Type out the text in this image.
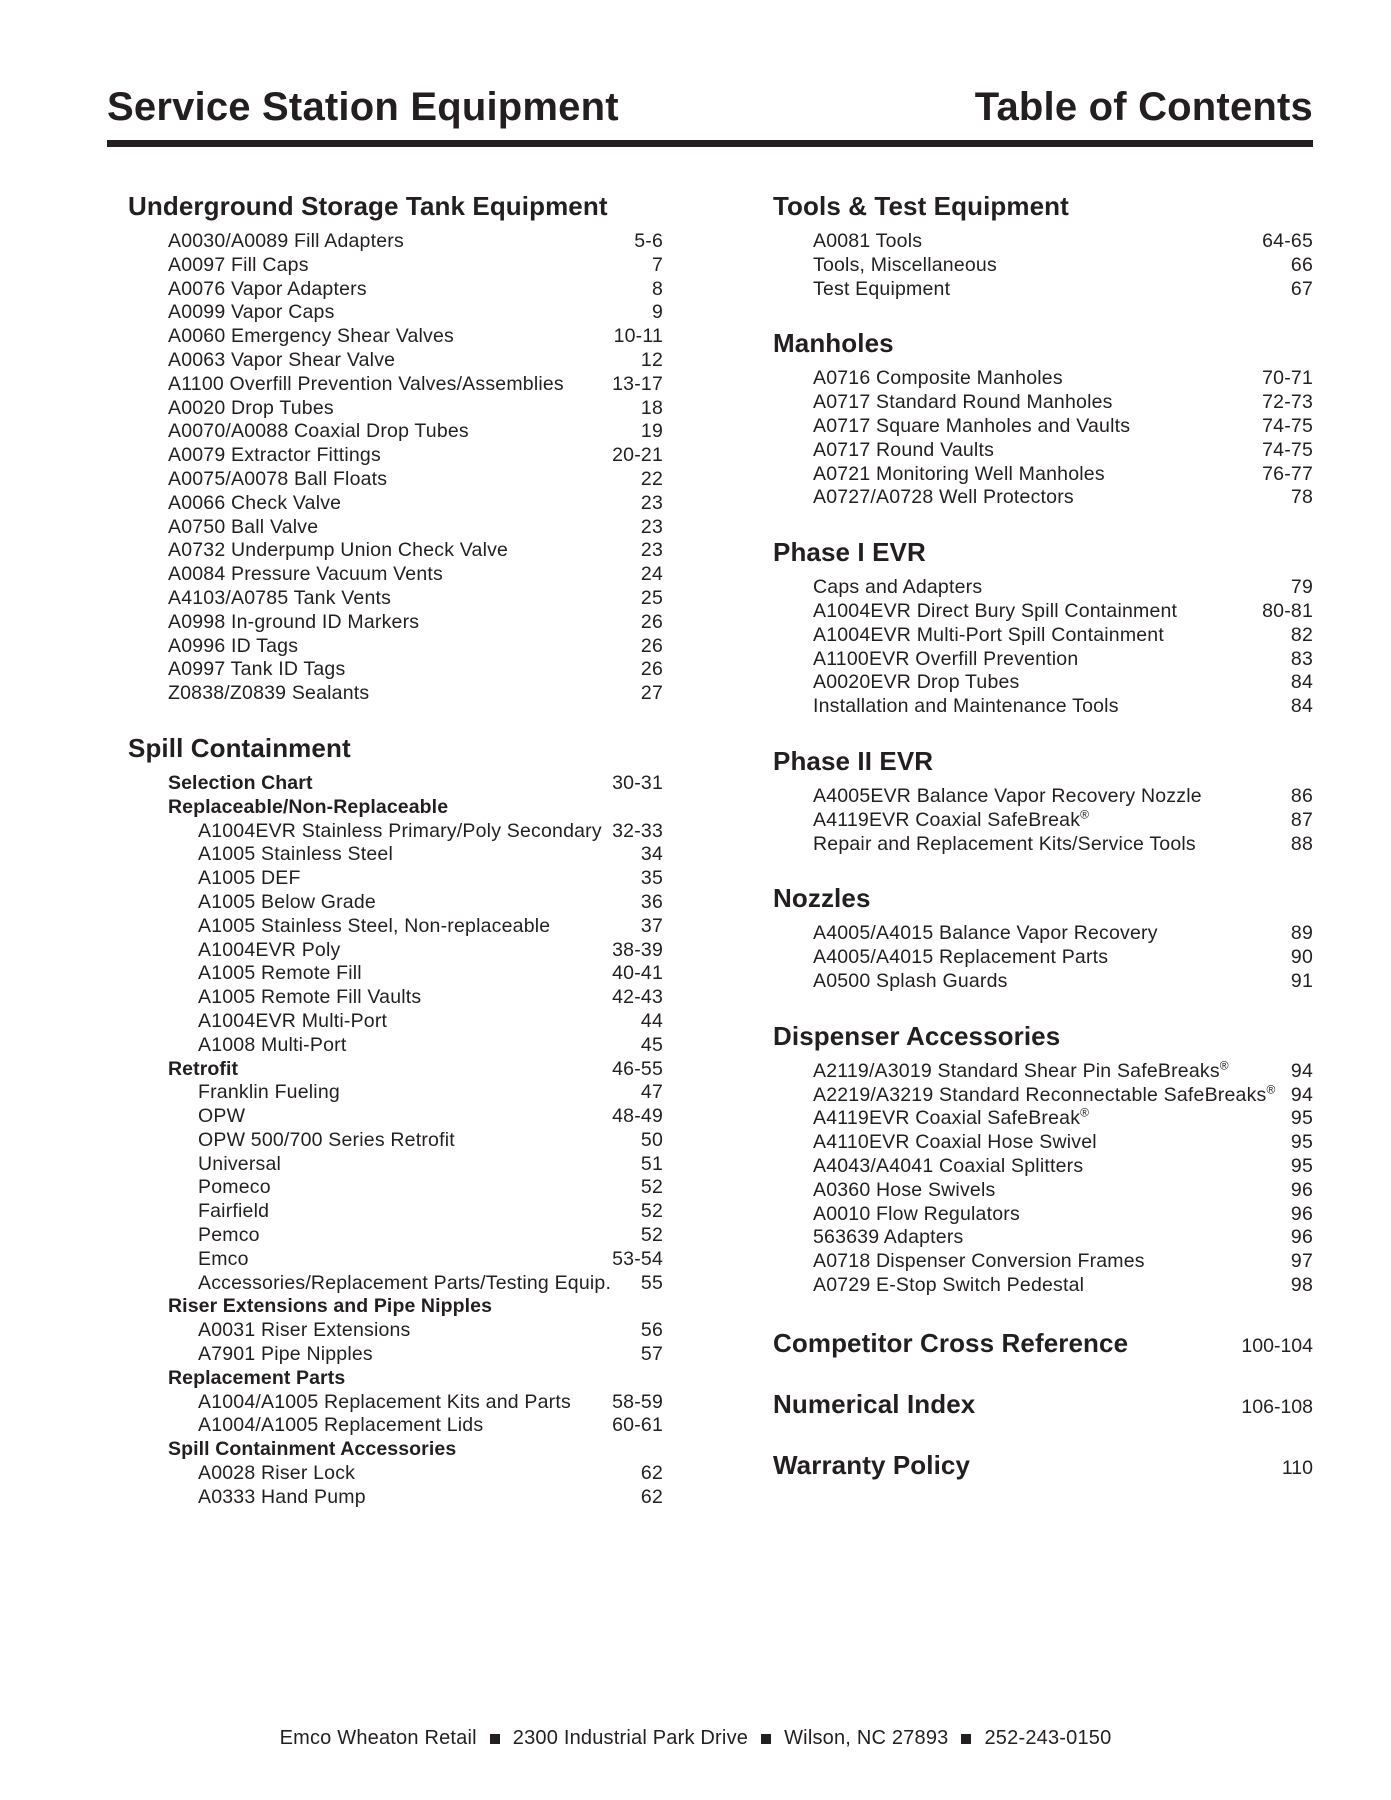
Service Station Equipment	Table of Contents
Underground Storage Tank Equipment
A0030/A0089 Fill Adapters	5-6
A0097 Fill Caps	7
A0076 Vapor Adapters	8
A0099 Vapor Caps	9
A0060 Emergency Shear Valves	10-11
A0063 Vapor Shear Valve	12
A1100 Overfill Prevention Valves/Assemblies	13-17
A0020 Drop Tubes	18
A0070/A0088 Coaxial Drop Tubes	19
A0079 Extractor Fittings	20-21
A0075/A0078 Ball Floats	22
A0066 Check Valve	23
A0750 Ball Valve	23
A0732 Underpump Union Check Valve	23
A0084 Pressure Vacuum Vents	24
A4103/A0785 Tank Vents	25
A0998 In-ground ID Markers	26
A0996 ID Tags	26
A0997 Tank ID Tags	26
Z0838/Z0839 Sealants	27
Spill Containment
Selection Chart	30-31
Replaceable/Non-Replaceable
A1004EVR Stainless Primary/Poly Secondary 32-33
A1005 Stainless Steel	34
A1005 DEF	35
A1005 Below Grade	36
A1005 Stainless Steel, Non-replaceable	37
A1004EVR Poly	38-39
A1005 Remote Fill	40-41
A1005 Remote Fill Vaults	42-43
A1004EVR Multi-Port	44
A1008 Multi-Port	45
Retrofit	46-55
Franklin Fueling	47
OPW	48-49
OPW 500/700 Series Retrofit	50
Universal	51
Pomeco	52
Fairfield	52
Pemco	52
Emco	53-54
Accessories/Replacement Parts/Testing Equip.	55
Riser Extensions and Pipe Nipples
A0031 Riser Extensions	56
A7901 Pipe Nipples	57
Replacement Parts
A1004/A1005 Replacement Kits and Parts	58-59
A1004/A1005 Replacement Lids	60-61
Spill Containment Accessories
A0028 Riser Lock	62
A0333 Hand Pump	62
Tools & Test Equipment
A0081 Tools	64-65
Tools, Miscellaneous	66
Test Equipment	67
Manholes
A0716 Composite Manholes	70-71
A0717 Standard Round Manholes	72-73
A0717 Square Manholes and Vaults	74-75
A0717 Round Vaults	74-75
A0721 Monitoring Well Manholes	76-77
A0727/A0728 Well Protectors	78
Phase I EVR
Caps and Adapters	79
A1004EVR Direct Bury Spill Containment	80-81
A1004EVR Multi-Port Spill Containment	82
A1100EVR Overfill Prevention	83
A0020EVR Drop Tubes	84
Installation and Maintenance Tools	84
Phase II EVR
A4005EVR Balance Vapor Recovery Nozzle	86
A4119EVR Coaxial SafeBreak®	87
Repair and Replacement Kits/Service Tools	88
Nozzles
A4005/A4015 Balance Vapor Recovery	89
A4005/A4015 Replacement Parts	90
A0500 Splash Guards	91
Dispenser Accessories
A2119/A3019 Standard Shear Pin SafeBreaks®	94
A2219/A3219 Standard Reconnectable SafeBreaks® 94
A4119EVR Coaxial SafeBreak®	95
A4110EVR Coaxial Hose Swivel	95
A4043/A4041 Coaxial Splitters	95
A0360 Hose Swivels	96
A0010 Flow Regulators	96
563639 Adapters	96
A0718 Dispenser Conversion Frames	97
A0729 E-Stop Switch Pedestal	98
Competitor Cross Reference	100-104
Numerical Index	106-108
Warranty Policy	110
Emco Wheaton Retail 2300 Industrial Park Drive Wilson, NC 27893 252-243-0150
